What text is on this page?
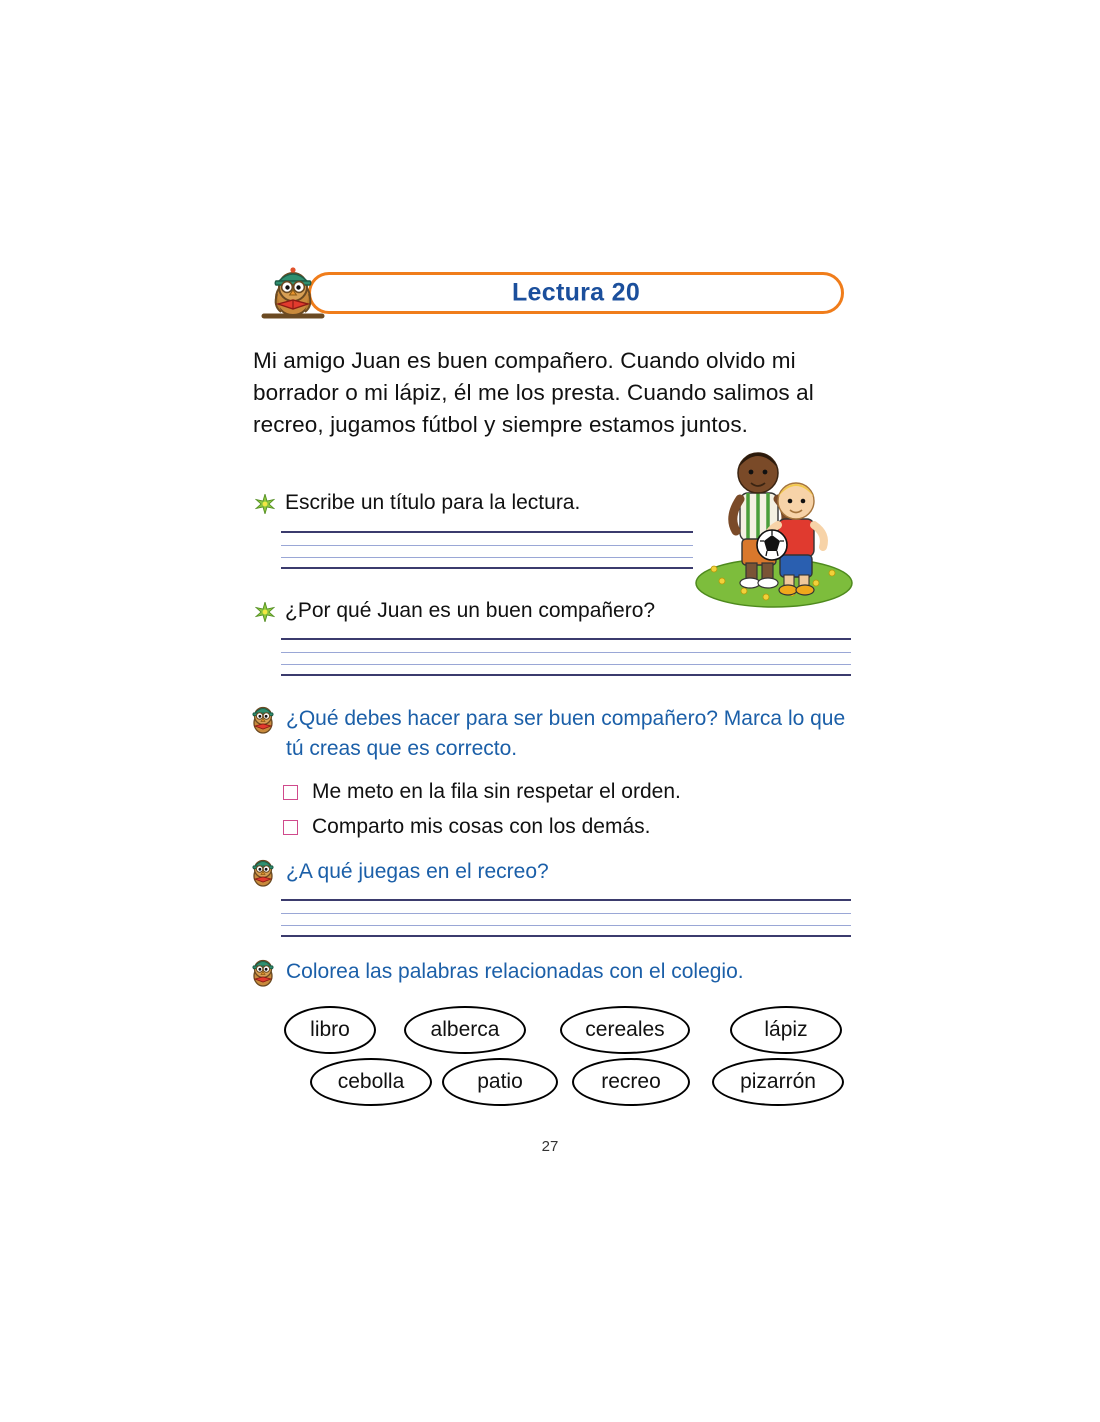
Lectura 20
Mi amigo Juan es buen compañero. Cuando olvido mi borrador o mi lápiz, él me los presta. Cuando salimos al recreo, jugamos fútbol y siempre estamos juntos.
Escribe un título para la lectura.
¿Por qué Juan es un buen compañero?
¿Qué debes hacer para ser buen compañero? Marca lo que tú creas que es correcto.
Me meto en la fila sin respetar el orden.
Comparto mis cosas con los demás.
¿A qué juegas en el recreo?
Colorea las palabras relacionadas con el colegio.
libro	alberca	cereales	lápiz
cebolla	patio	recreo	pizarrón
27
